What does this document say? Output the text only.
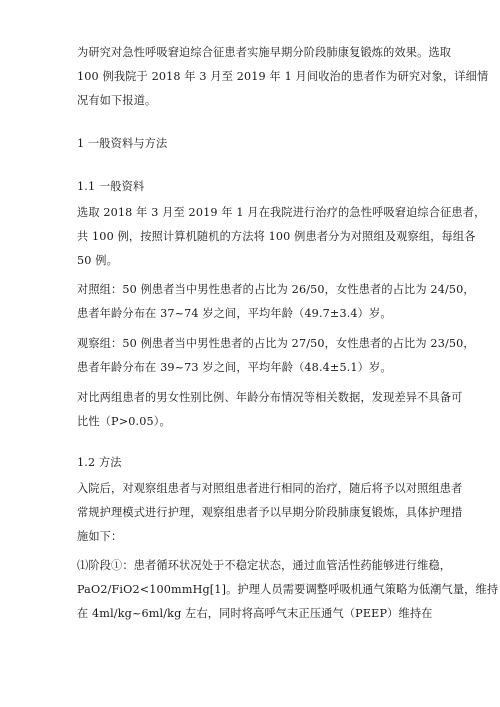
为研究对急性呼吸窘迫综合征患者实施早期分阶段肺康复锻炼的效果。选取
100 例我院于 2018 年 3 月至 2019 年 1 月间收治的患者作为研究对象，详细情
况有如下报道。
1 一般资料与方法
1.1 一般资料
选取 2018 年 3 月至 2019 年 1 月在我院进行治疗的急性呼吸窘迫综合征患者，
共 100 例，按照计算机随机的方法将 100 例患者分为对照组及观察组，每组各
50 例。
对照组：50 例患者当中男性患者的占比为 26/50，女性患者的占比为 24/50，
患者年龄分布在 37~74 岁之间，平均年龄（49.7±3.4）岁。
观察组：50 例患者当中男性患者的占比为 27/50，女性患者的占比为 23/50，
患者年龄分布在 39~73 岁之间，平均年龄（48.4±5.1）岁。
对比两组患者的男女性别比例、年龄分布情况等相关数据，发现差异不具备可
比性（P>0.05）。
1.2 方法
入院后，对观察组患者与对照组患者进行相同的治疗，随后将予以对照组患者
常规护理模式进行护理，观察组患者予以早期分阶段肺康复锻炼，具体护理措
施如下：
⑴阶段①：患者循环状况处于不稳定状态，通过血管活性药能够进行维稳，
PaO2/FiO2<100mmHg[1]。护理人员需要调整呼吸机通气策略为低潮气量，维持
在 4ml/kg~6ml/kg 左右，同时将高呼气末正压通气（PEEP）维持在
